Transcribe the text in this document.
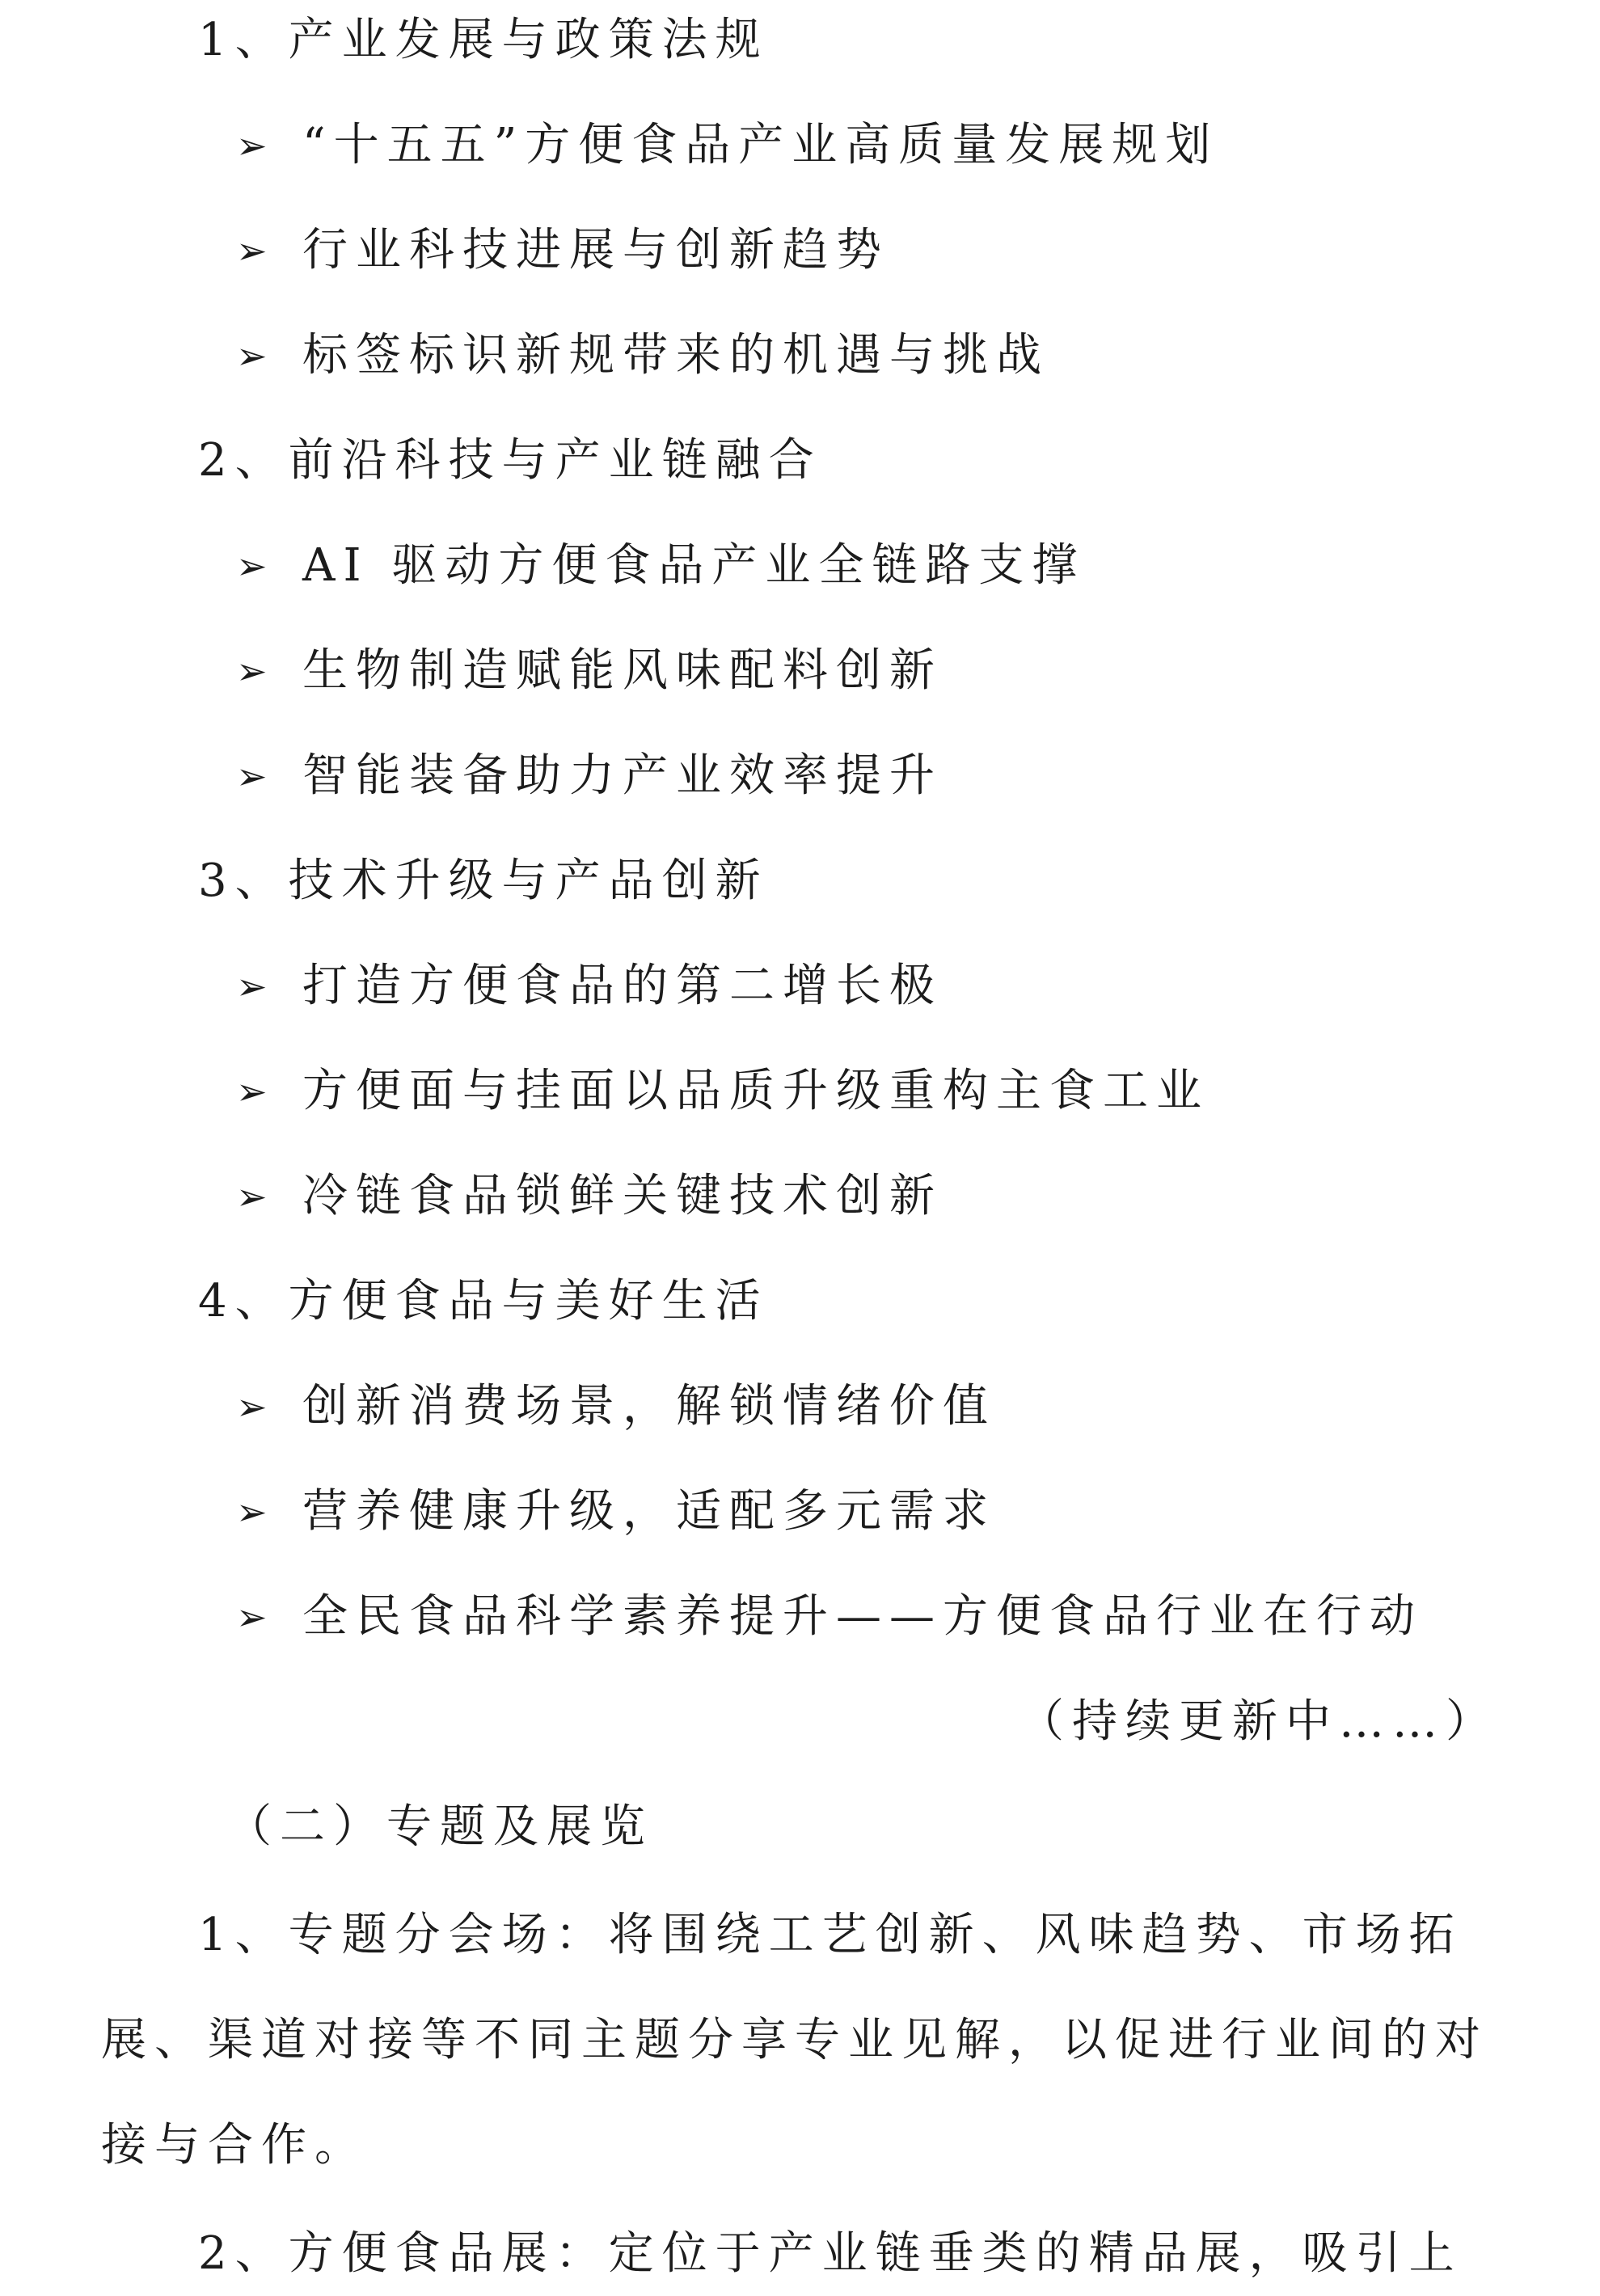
1、产业发展与政策法规
➢ “十五五”方便食品产业高质量发展规划
➢ 行业科技进展与创新趋势
➢ 标签标识新规带来的机遇与挑战
2、前沿科技与产业链融合
➢ AI 驱动方便食品产业全链路支撑
➢ 生物制造赋能风味配料创新
➢ 智能装备助力产业效率提升
3、技术升级与产品创新
➢ 打造方便食品的第二增长极
➢ 方便面与挂面以品质升级重构主食工业
➢ 冷链食品锁鲜关键技术创新
4、方便食品与美好生活
➢ 创新消费场景，解锁情绪价值
➢ 营养健康升级，适配多元需求
➢ 全民食品科学素养提升——方便食品行业在行动
（持续更新中……）
（二）专题及展览
1、专题分会场：将围绕工艺创新、风味趋势、市场拓
展、渠道对接等不同主题分享专业见解，以促进行业间的对
接与合作。
2、方便食品展：定位于产业链垂类的精品展，吸引上
